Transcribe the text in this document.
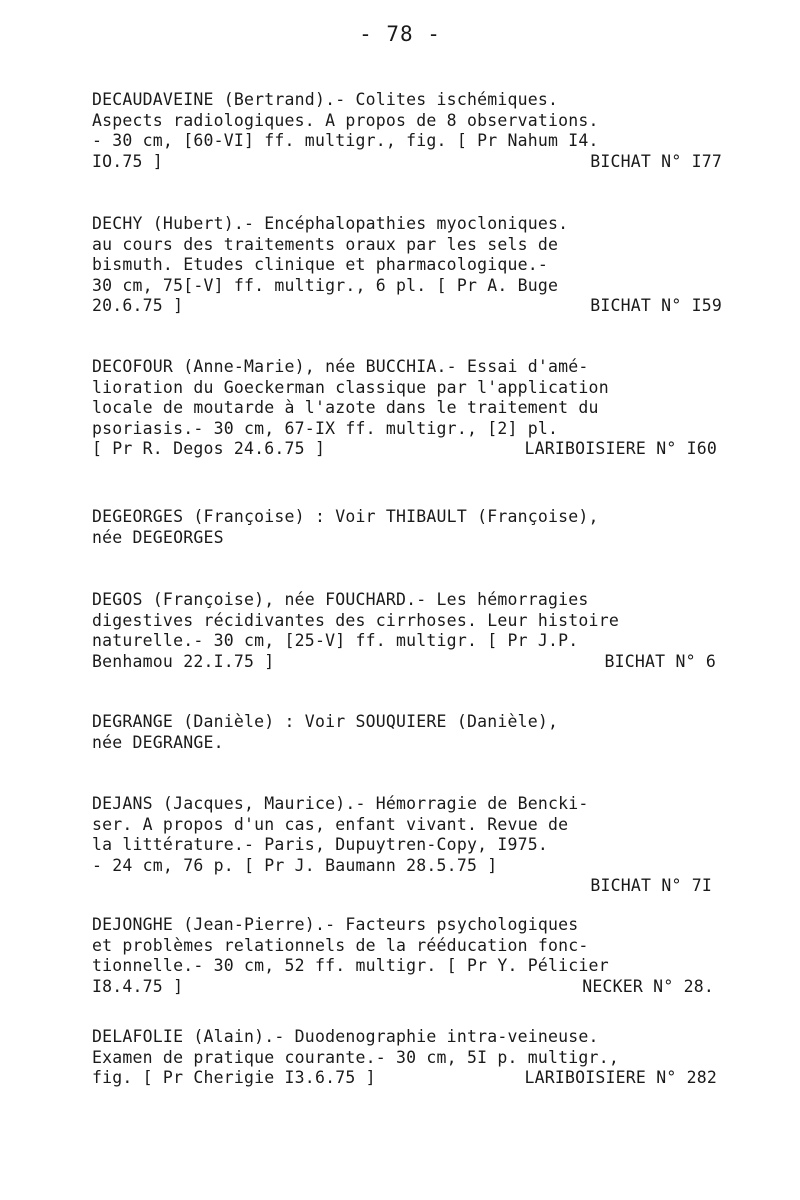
- 78 -
DECAUDAVEINE (Bertrand).- Colites ischémiques.
Aspects radiologiques. A propos de 8 observations.
- 30 cm, [60-VI] ff. multigr., fig. [ Pr Nahum I4.
IO.75 ]	BICHAT N° I77
DECHY (Hubert).- Encéphalopathies myocloniques.
au cours des traitements oraux par les sels de
bismuth. Etudes clinique et pharmacologique.-
30 cm, 75[-V] ff. multigr., 6 pl. [ Pr A. Buge
20.6.75 ]	BICHAT N° I59
DECOFOUR (Anne-Marie), née BUCCHIA.- Essai d'amé-
lioration du Goeckerman classique par l'application
locale de moutarde à l'azote dans le traitement du
psoriasis.- 30 cm, 67-IX ff. multigr., [2] pl.
[ Pr R. Degos 24.6.75 ]	LARIBOISIERE N° I60
DEGEORGES (Françoise) : Voir THIBAULT (Françoise),
née DEGEORGES
DEGOS (Françoise), née FOUCHARD.- Les hémorragies
digestives récidivantes des cirrhoses. Leur histoire
naturelle.- 30 cm, [25-V] ff. multigr. [ Pr J.P.
Benhamou 22.I.75 ]	BICHAT N° 6
DEGRANGE (Danièle) : Voir SOUQUIERE (Danièle),
née DEGRANGE.
DEJANS (Jacques, Maurice).- Hémorragie de Bencki-
ser. A propos d'un cas, enfant vivant. Revue de
la littérature.- Paris, Dupuytren-Copy, I975.
- 24 cm, 76 p. [ Pr J. Baumann 28.5.75 ]
BICHAT N° 7I
DEJONGHE (Jean-Pierre).- Facteurs psychologiques
et problèmes relationnels de la rééducation fonc-
tionnelle.- 30 cm, 52 ff. multigr. [ Pr Y. Pélicier
I8.4.75 ]	NECKER N° 28.
DELAFOLIE (Alain).- Duodenographie intra-veineuse.
Examen de pratique courante.- 30 cm, 5I p. multigr.,
fig. [ Pr Cherigie I3.6.75 ]	LARIBOISIERE N° 282
